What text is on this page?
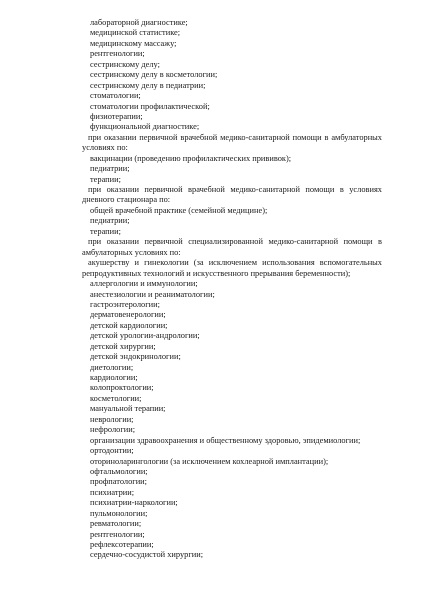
лабораторной диагностике;
медицинской статистике;
медицинскому массажу;
рентгенологии;
сестринскому делу;
сестринскому делу в косметологии;
сестринскому делу в педиатрии;
стоматологии;
стоматологии профилактической;
физиотерапии;
функциональной диагностике;
при оказании первичной врачебной медико-санитарной помощи в амбулаторных условиях по:
вакцинации (проведению профилактических прививок);
педиатрии;
терапии;
при оказании первичной врачебной медико-санитарной помощи в условиях дневного стационара по:
общей врачебной практике (семейной медицине);
педиатрии;
терапии;
при оказании первичной специализированной медико-санитарной помощи в амбулаторных условиях по:
акушерству и гинекологии (за исключением использования вспомогательных репродуктивных технологий и искусственного прерывания беременности);
аллергологии и иммунологии;
анестезиологии и реаниматологии;
гастроэнтерологии;
дерматовенерологии;
детской кардиологии;
детской урологии-андрологии;
детской хирургии;
детской эндокринологии;
диетологии;
кардиологии;
колопроктологии;
косметологии;
мануальной терапии;
неврологии;
нефрологии;
организации здравоохранения и общественному здоровью, эпидемиологии;
ортодонтии;
оториноларингологии (за исключением кохлеарной имплантации);
офтальмологии;
профпатологии;
психиатрии;
психиатрии-наркологии;
пульмонологии;
ревматологии;
рентгенологии;
рефлексотерапии;
сердечно-сосудистой хирургии;
